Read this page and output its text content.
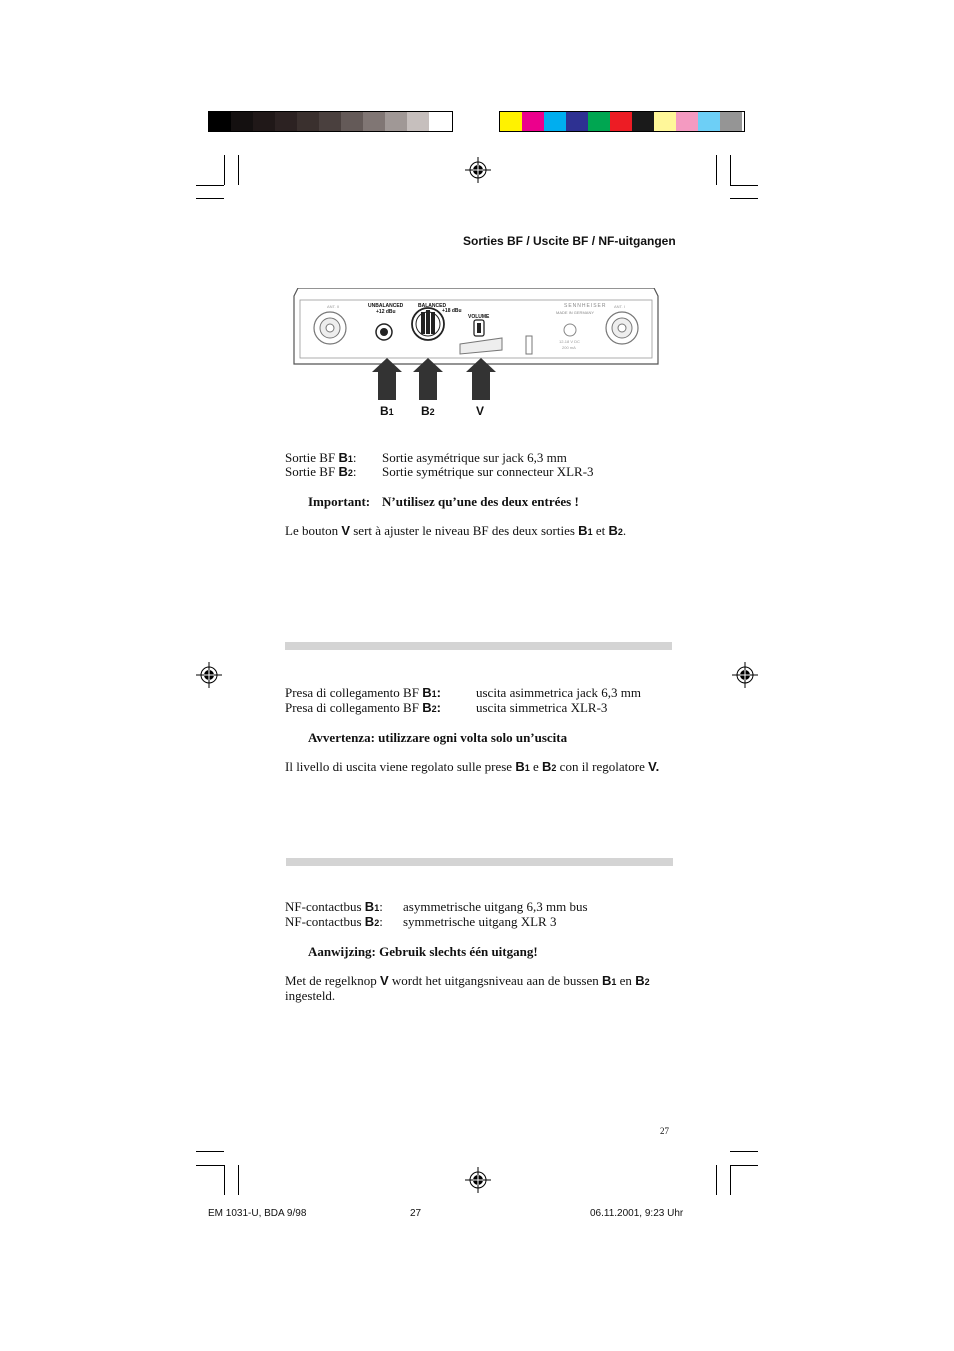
Sorties BF / Uscite BF / NF-uitgangen
UNBALANCED
+12 dBu
BALANCED
+18 dBu
VOLUME
SENNHEISER
MADE IN GERMANY
ANT. II	ANT. I
12-18 V DC
200 mA
B1 B2	V
Sortie BF B1: Sortie asymétrique sur jack 6,3 mm
Sortie BF B2: Sortie symétrique sur connecteur XLR-3
Important: N’utilisez qu’une des deux entrées !
Le bouton V sert à ajuster le niveau BF des deux sorties B1 et B2.
Presa di collegamento BF B1:	uscita asimmetrica jack 6,3 mm
Presa di collegamento BF B2:	uscita simmetrica XLR-3
Avvertenza: utilizzare ogni volta solo un’uscita
Il livello di uscita viene regolato sulle prese B1 e B2 con il regolatore V.
NF-contactbus B1: asymmetrische uitgang 6,3 mm bus
NF-contactbus B2: symmetrische uitgang XLR 3
Aanwijzing: Gebruik slechts één uitgang!
Met de regelknop V wordt het uitgangsniveau aan de bussen B1 en B2
ingesteld.
27
EM 1031-U, BDA 9/98	27	06.11.2001, 9:23 Uhr
